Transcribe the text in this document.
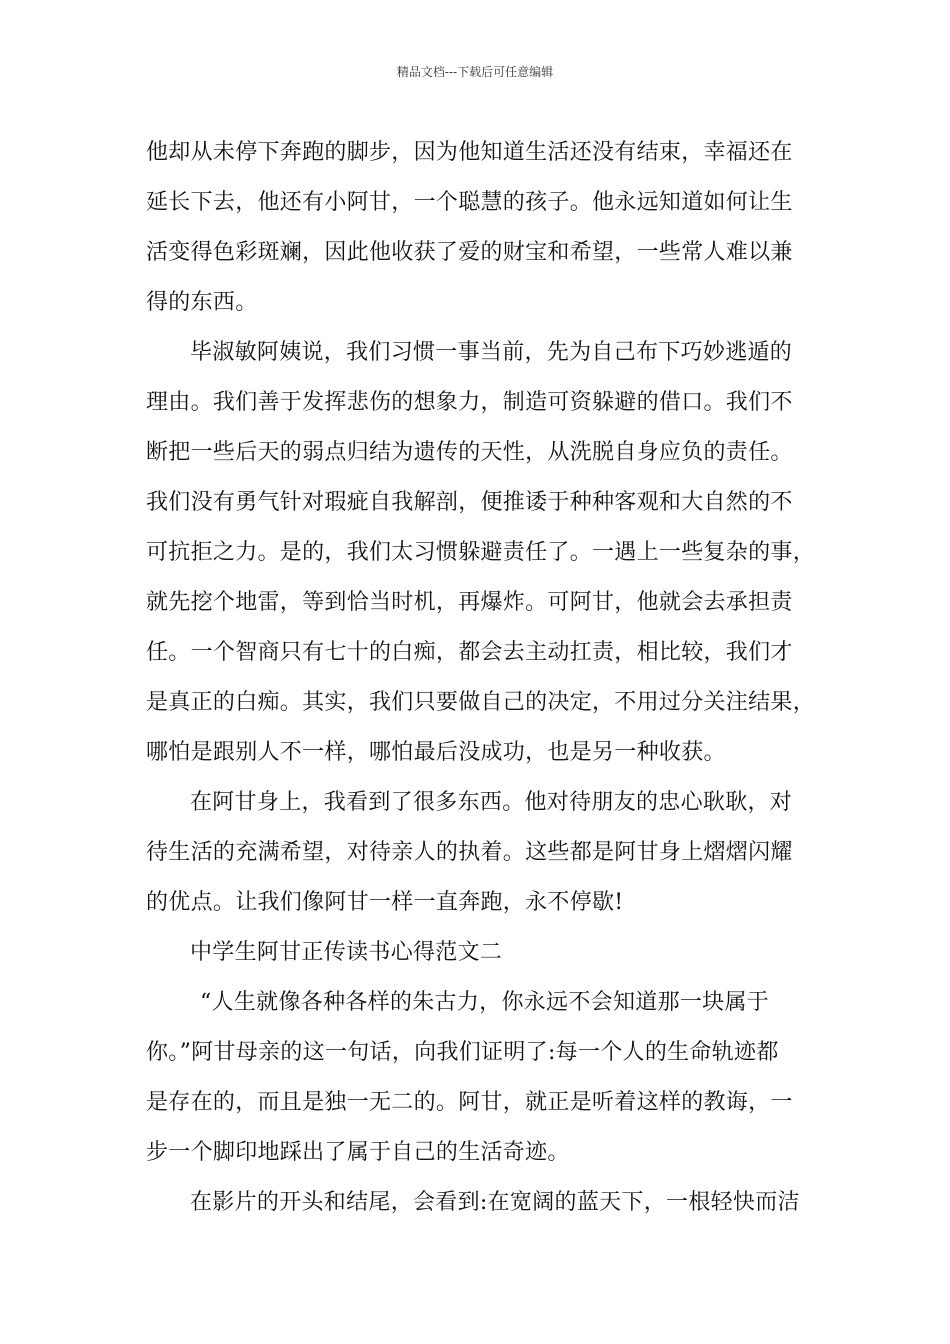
精品文档---下载后可任意编辑
他却从未停下奔跑的脚步，因为他知道生活还没有结束，幸福还在
延长下去，他还有小阿甘，一个聪慧的孩子。他永远知道如何让生
活变得色彩斑斓，因此他收获了爱的财宝和希望，一些常人难以兼
得的东西。
毕淑敏阿姨说，我们习惯一事当前，先为自己布下巧妙逃遁的
理由。我们善于发挥悲伤的想象力，制造可资躲避的借口。我们不
断把一些后天的弱点归结为遗传的天性，从洗脱自身应负的责任。
我们没有勇气针对瑕疵自我解剖，便推诿于种种客观和大自然的不
可抗拒之力。是的，我们太习惯躲避责任了。一遇上一些复杂的事，
就先挖个地雷，等到恰当时机，再爆炸。可阿甘，他就会去承担责
任。一个智商只有七十的白痴，都会去主动扛责，相比较，我们才
是真正的白痴。其实，我们只要做自己的决定，不用过分关注结果，
哪怕是跟别人不一样，哪怕最后没成功，也是另一种收获。
在阿甘身上，我看到了很多东西。他对待朋友的忠心耿耿，对
待生活的充满希望，对待亲人的执着。这些都是阿甘身上熠熠闪耀
的优点。让我们像阿甘一样一直奔跑，永不停歇!
中学生阿甘正传读书心得范文二
“人生就像各种各样的朱古力，你永远不会知道那一块属于
你。”阿甘母亲的这一句话，向我们证明了:每一个人的生命轨迹都
是存在的，而且是独一无二的。阿甘，就正是听着这样的教诲，一
步一个脚印地踩出了属于自己的生活奇迹。
在影片的开头和结尾，会看到:在宽阔的蓝天下，一根轻快而洁
